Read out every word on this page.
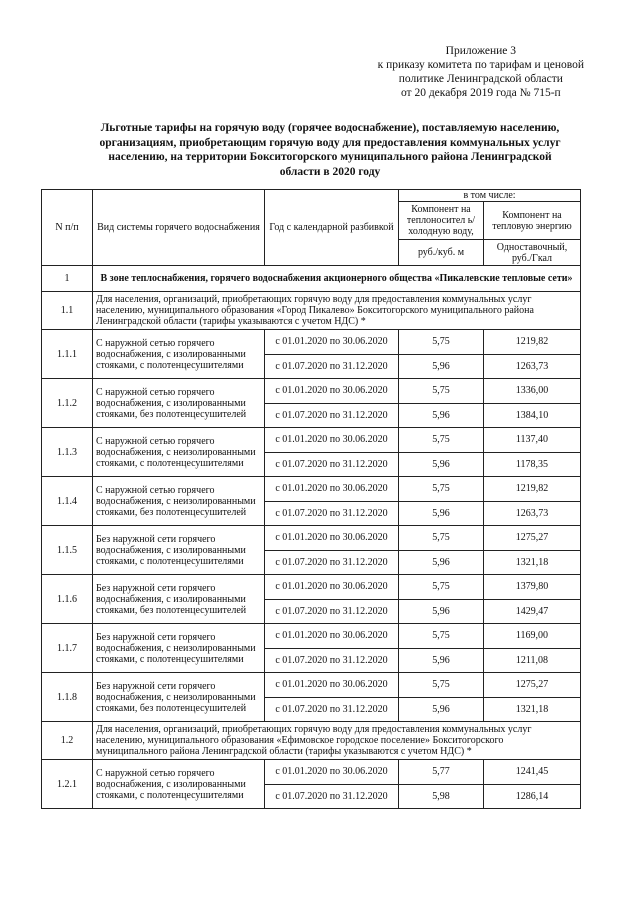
Приложение 3
к приказу комитета по тарифам и ценовой
политике Ленинградской области
от 20 декабря 2019 года № 715-п
Льготные тарифы на горячую воду (горячее водоснабжение), поставляемую населению,
организациям, приобретающим горячую воду для предоставления коммунальных услуг
населению, на территории Бокситогорского муниципального района Ленинградской
области в 2020 году
N п/п	Вид системы горячего водоснабжения	Год с календарной разбивкой	в том числе:	
			Компонент на теплоносител ь/холодную воду,	Компонент на тепловую энергию
			руб./куб. м	Одноставочный, руб./Гкал
1	В зоне теплоснабжения, горячего водоснабжения акционерного общества «Пикалевские тепловые сети»			
1.1	Для населения, организаций, приобретающих горячую воду для предоставления коммунальных услуг населению, муниципального образования «Город Пикалево» Бокситогорского муниципального района Ленинградской области (тарифы указываются с учетом НДС) *			
1.1.1	С наружной сетью горячего водоснабжения, с изолированными стояками, с полотенцесушителями	с 01.01.2020 по 30.06.2020	5,75	1219,82
		с 01.07.2020 по 31.12.2020	5,96	1263,73
1.1.2	С наружной сетью горячего водоснабжения, с изолированными стояками, без полотенцесушителей	с 01.01.2020 по 30.06.2020	5,75	1336,00
		с 01.07.2020 по 31.12.2020	5,96	1384,10
1.1.3	С наружной сетью горячего водоснабжения, с неизолированными стояками, с полотенцесушителями	с 01.01.2020 по 30.06.2020	5,75	1137,40
		с 01.07.2020 по 31.12.2020	5,96	1178,35
1.1.4	С наружной сетью горячего водоснабжения, с неизолированными стояками, без полотенцесушителей	с 01.01.2020 по 30.06.2020	5,75	1219,82
		с 01.07.2020 по 31.12.2020	5,96	1263,73
1.1.5	Без наружной сети горячего водоснабжения, с изолированными стояками, с полотенцесушителями	с 01.01.2020 по 30.06.2020	5,75	1275,27
		с 01.07.2020 по 31.12.2020	5,96	1321,18
1.1.6	Без наружной сети горячего водоснабжения, с изолированными стояками, без полотенцесушителей	с 01.01.2020 по 30.06.2020	5,75	1379,80
		с 01.07.2020 по 31.12.2020	5,96	1429,47
1.1.7	Без наружной сети горячего водоснабжения, с неизолированными стояками, с полотенцесушителями	с 01.01.2020 по 30.06.2020	5,75	1169,00
		с 01.07.2020 по 31.12.2020	5,96	1211,08
1.1.8	Без наружной сети горячего водоснабжения, с неизолированными стояками, без полотенцесушителей	с 01.01.2020 по 30.06.2020	5,75	1275,27
		с 01.07.2020 по 31.12.2020	5,96	1321,18
1.2	Для населения, организаций, приобретающих горячую воду для предоставления коммунальных услуг населению, муниципального образования «Ефимовское городское поселение» Бокситогорского муниципального района Ленинградской области (тарифы указываются с учетом НДС) *			
1.2.1	С наружной сетью горячего водоснабжения, с изолированными стояками, с полотенцесушителями	с 01.01.2020 по 30.06.2020	5,77	1241,45
		с 01.07.2020 по 31.12.2020	5,98	1286,14
